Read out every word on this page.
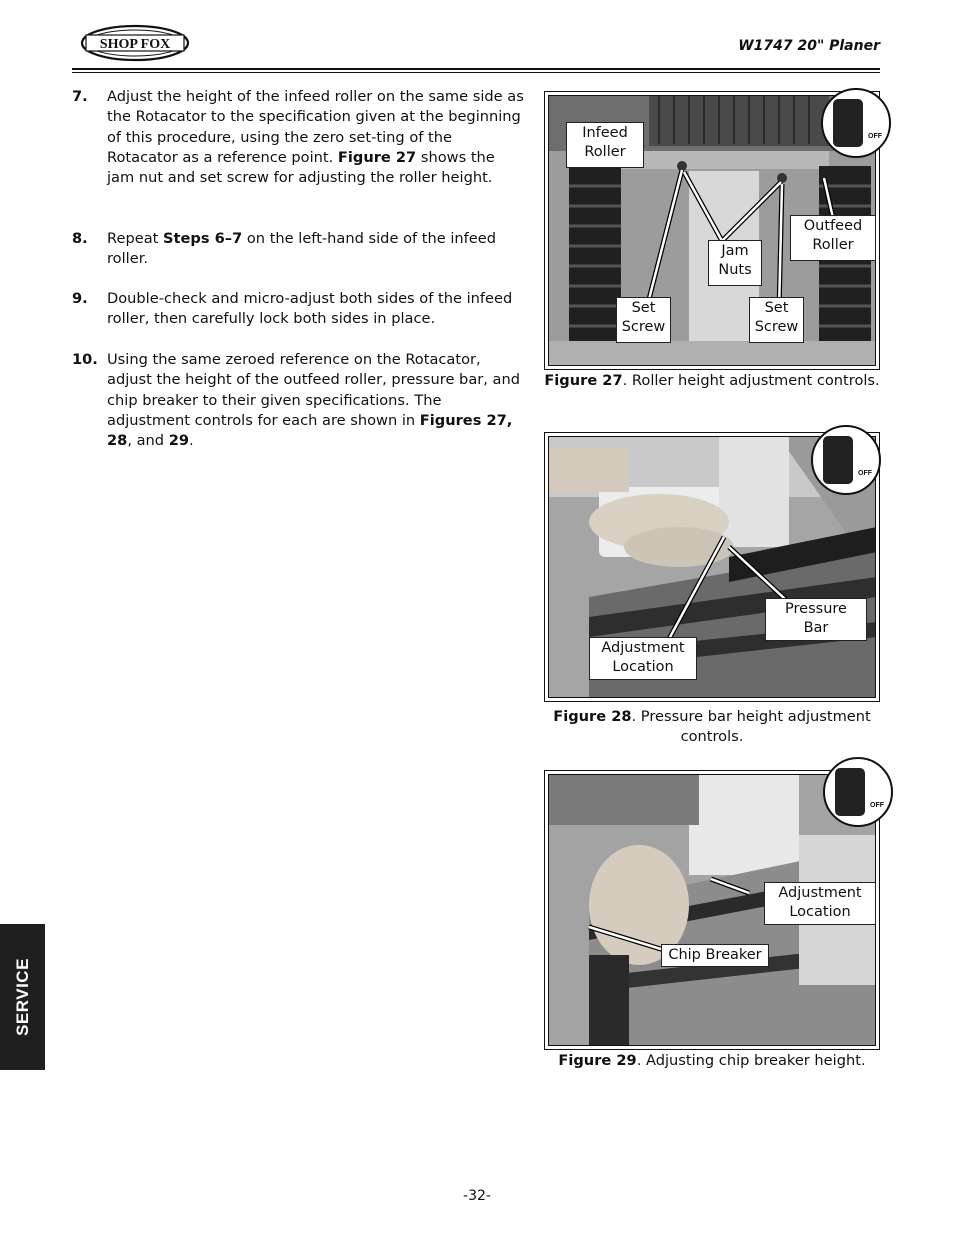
SHOP FOX	W1747 20" Planer
7. Adjust the height of the infeed roller on the same side as the Rotacator to the specification given at the beginning of this procedure, using the zero set-ting of the Rotacator as a reference point. Figure 27 shows the jam nut and set screw for adjusting the roller height.
8. Repeat Steps 6–7 on the left-hand side of the infeed roller.
9. Double-check and micro-adjust both sides of the infeed roller, then carefully lock both sides in place.
10. Using the same zeroed reference on the Rotacator, adjust the height of the outfeed roller, pressure bar, and chip breaker to their given specifications. The adjustment controls for each are shown in Figures 27, 28, and 29.
OFF
Infeed
Roller
Outfeed
Roller
Jam
Nuts
Set
Screw
Set
Screw
Figure 27. Roller height adjustment controls.
OFF
Pressure
Bar
Adjustment
Location
Figure 28. Pressure bar height adjustment controls.
OFF
Adjustment
Location
Chip Breaker
Figure 29. Adjusting chip breaker height.
SERVICE
-32-
